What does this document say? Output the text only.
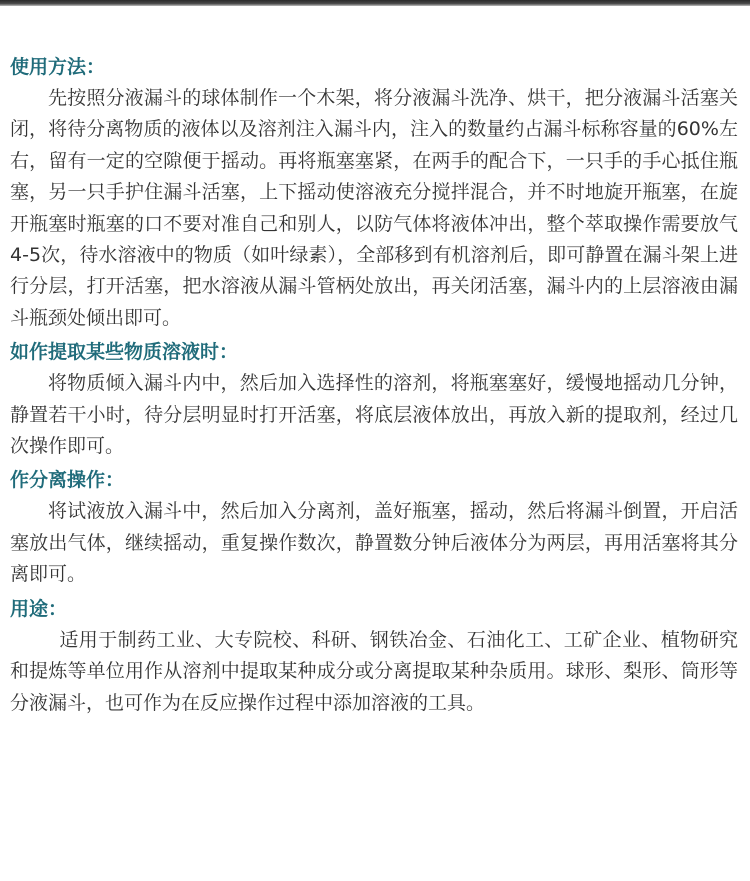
使用方法：

先按照分液漏斗的球体制作一个木架，将分液漏斗洗净、烘干，把分液漏斗活塞关闭，将待分离物质的液体以及溶剂注入漏斗内，注入的数量约占漏斗标称容量的60%左右，留有一定的空隙便于摇动。再将瓶塞塞紧，在两手的配合下，一只手的手心抵住瓶塞，另一只手护住漏斗活塞，上下摇动使溶液充分搅拌混合，并不时地旋开瓶塞，在旋开瓶塞时瓶塞的口不要对准自己和别人，以防气体将液体冲出，整个萃取操作需要放气4-5次，待水溶液中的物质（如叶绿素），全部移到有机溶剂后，即可静置在漏斗架上进行分层，打开活塞，把水溶液从漏斗管柄处放出，再关闭活塞，漏斗内的上层溶液由漏斗瓶颈处倾出即可。

如作提取某些物质溶液时：

将物质倾入漏斗内中，然后加入选择性的溶剂，将瓶塞塞好，缓慢地摇动几分钟，静置若干小时，待分层明显时打开活塞，将底层液体放出，再放入新的提取剂，经过几次操作即可。

作分离操作：

将试液放入漏斗中，然后加入分离剂，盖好瓶塞，摇动，然后将漏斗倒置，开启活塞放出气体，继续摇动，重复操作数次，静置数分钟后液体分为两层，再用活塞将其分离即可。

用途：

适用于制药工业、大专院校、科研、钢铁冶金、石油化工、工矿企业、植物研究和提炼等单位用作从溶剂中提取某种成分或分离提取某种杂质用。球形、梨形、筒形等分液漏斗，也可作为在反应操作过程中添加溶液的工具。
